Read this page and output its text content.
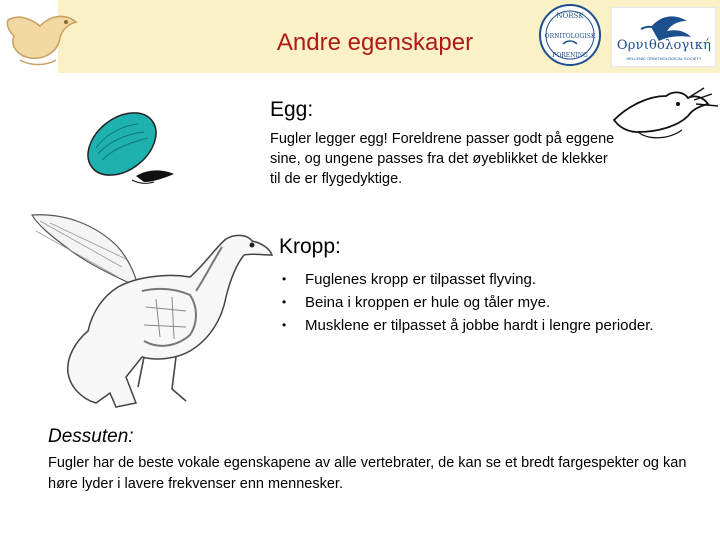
Andre egenskaper
NORSK
ORNITOLOGISK
FORENING
Ορνιθολογική
HELLENIC ORNITHOLOGICAL SOCIETY
Egg:
Fugler legger egg! Foreldrene passer godt på eggene sine, og ungene passes fra det øyeblikket de klekker til de er flygedyktige.
Kropp:
• Fuglenes kropp er tilpasset flyving.
• Beina i kroppen er hule og tåler mye.
• Musklene er tilpasset å jobbe hardt i lengre perioder.
Dessuten:
Fugler har de beste vokale egenskapene av alle vertebrater, de kan se et bredt fargespekter og kan høre lyder i lavere frekvenser enn mennesker.
